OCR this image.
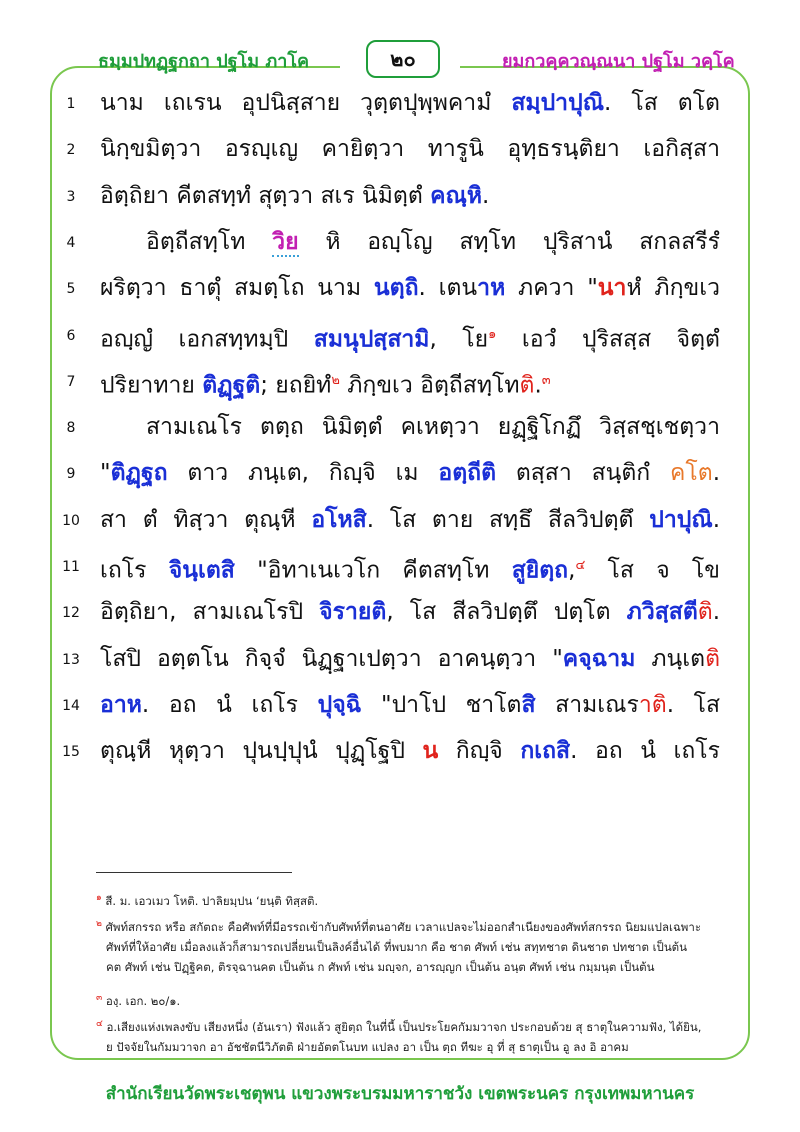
ธมฺมปทฏฺฐกถา ปฐโม ภาโค	๒๐	ยมกวคฺควณฺณนา ปฐโม วคฺโค
1	นาม เถเรน อุปนิสฺสาย วุตฺตปุพฺพคามํ สมฺปาปุณิ. โส ตโต
2	นิกฺขมิตฺวา อรญฺเญ คายิตฺวา ทารูนิ อุทฺธรนฺติยา เอกิสฺสา
3	อิตฺถิยา คีตสทฺทํ สุตฺวา สเร นิมิตฺตํ คณฺหิ.
4	อิตฺถีสทฺโท วิย หิ อญฺโญ สทฺโท ปุริสานํ สกลสรีรํ
5	ผริตฺวา ธาตุํ สมตฺโถ นาม นตฺถิ. เตนาห ภควา "นาหํ ภิกฺขเว
6	อญฺญํ เอกสทฺทมฺปิ สมนุปสฺสามิ, โย$^๑$ เอวํ ปุริสสฺส จิตฺตํ
7	ปริยาทาย ติฏฺฐติ; ยถยิทํ$^๒$ ภิกฺขเว อิตฺถีสทฺโทติ.$^๓$
8	สามเณโร ตตฺถ นิมิตฺตํ คเหตฺวา ยฏฺฐิโกฏึ วิสฺสชฺเชตฺวา
9	"ติฏฺฐถ ตาว ภนฺเต, กิญฺจิ เม อตฺถีติ ตสฺสา สนฺติกํ คโต.
10 สา ตํ ทิสฺวา ตุณฺหี อโหสิ. โส ตาย สทฺธึ สีลวิปตฺตึ ปาปุณิ.
11 เถโร จินฺเตสิ "อิทาเนเวโก คีตสทฺโท สูยิตฺถ,$^๔$ โส จ โข
12 อิตฺถิยา, สามเณโรปิ จิรายติ, โส สีลวิปตฺตึ ปตฺโต ภวิสฺสตีติ.
13 โสปิ อตฺตโน กิจฺจํ นิฏฺฐาเปตฺวา อาคนฺตฺวา "คจฺฉาม ภนฺเตติ
14 อาห. อถ นํ เถโร ปุจฺฉิ "ปาโป ชาโตสิ สามเณราติ. โส
15 ตุณฺหี หุตฺวา ปุนปฺปุนํ ปุฏฺโฐปิ น กิญฺจิ กเถสิ. อถ นํ เถโร
$^๑$ สี. ม. เอวเมว โหติ. ปาลิยมฺปน ‘ยนฺติ ทิสฺสติ.
$^๒$ ศัพท์สกรรถ หรือ สกัตถะ คือศัพท์ที่มีอรรถเข้ากับศัพท์ที่ตนอาศัย เวลาแปลจะไม่ออกสำเนียงของศัพท์สกรรถ นิยมแปลเฉพาะ
ศัพท์ที่ให้อาศัย เมื่อลงแล้วก็สามารถเปลี่ยนเป็นลิงค์อื่นได้ ที่พบมาก คือ ชาต ศัพท์ เช่น สทฺทชาต ดินชาต ปทชาต เป็นต้น
คต ศัพท์ เช่น ปิฏฺฐิคต, ติรจฺฉานคต เป็นต้น ก ศัพท์ เช่น มญฺจก, อารญฺญก เป็นต้น อนฺต ศัพท์ เช่น กมฺมนฺต เป็นต้น
$^๓$ องฺ. เอก. ๒๐/๑.
$^๔$ อ.เสียงแห่งเพลงขับ เสียงหนึ่ง (อันเรา) ฟังแล้ว สูยิตฺถ ในที่นี้ เป็นประโยคกัมมวาจก ประกอบด้วย สุ ธาตุในความฟัง, ได้ยิน,
ย ปัจจัยในกัมมวาจก อา อัชชัตนีวิภัตติ ฝ่ายอัตตโนบท แปลง อา เป็น ตฺถ ทีฆะ อุ ที่ สุ ธาตุเป็น อู ลง อิ อาคม
สำนักเรียนวัดพระเชตุพน แขวงพระบรมมหาราชวัง เขตพระนคร กรุงเทพมหานคร
